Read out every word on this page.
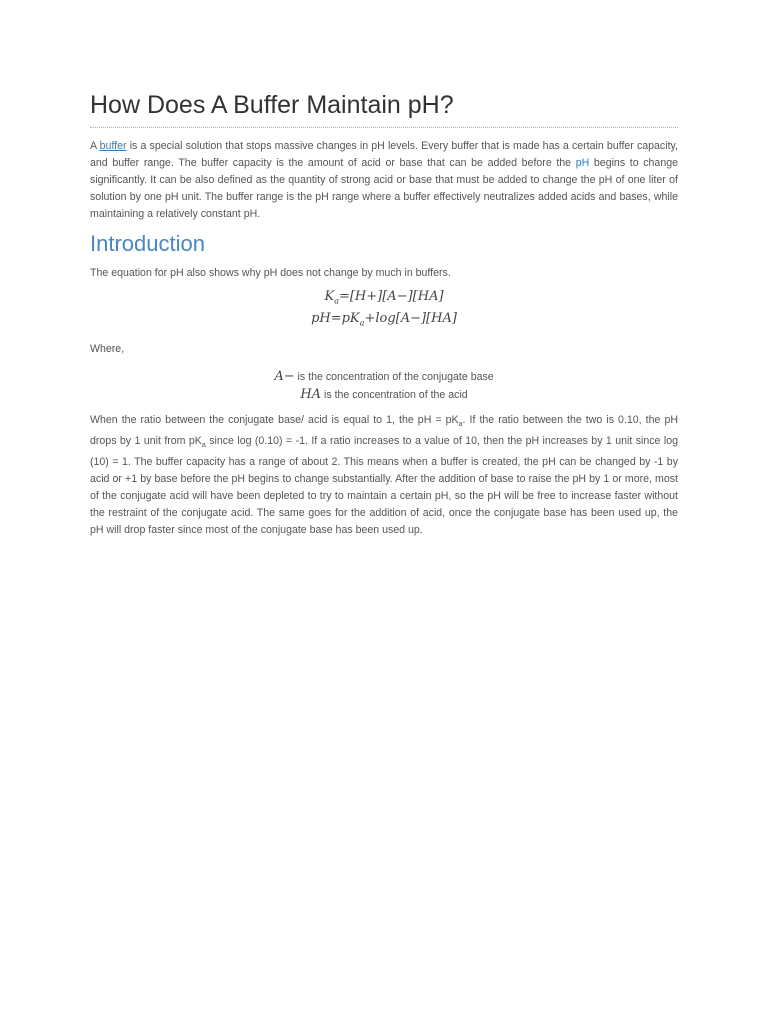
How Does A Buffer Maintain pH?

A buffer is a special solution that stops massive changes in pH levels. Every buffer that is made has a certain buffer capacity, and buffer range. The buffer capacity is the amount of acid or base that can be added before the pH begins to change significantly. It can be also defined as the quantity of strong acid or base that must be added to change the pH of one liter of solution by one pH unit. The buffer range is the pH range where a buffer effectively neutralizes added acids and bases, while maintaining a relatively constant pH.

Introduction

The equation for pH also shows why pH does not change by much in buffers.

$K_a=[H+][A-][HA]$
$pH=pK_a+\log[A-][HA]$

Where,

A− is the concentration of the conjugate base
HA is the concentration of the acid

When the ratio between the conjugate base/ acid is equal to 1, the pH = $pK_a$. If the ratio between the two is 0.10, the pH drops by 1 unit from $pK_a$ since log (0.10) = -1. If a ratio increases to a value of 10, then the pH increases by 1 unit since log (10) = 1. The buffer capacity has a range of about 2. This means when a buffer is created, the pH can be changed by -1 by acid or +1 by base before the pH begins to change substantially. After the addition of base to raise the pH by 1 or more, most of the conjugate acid will have been depleted to try to maintain a certain pH, so the pH will be free to increase faster without the restraint of the conjugate acid. The same goes for the addition of acid, once the conjugate base has been used up, the pH will drop faster since most of the conjugate base has been used up.
